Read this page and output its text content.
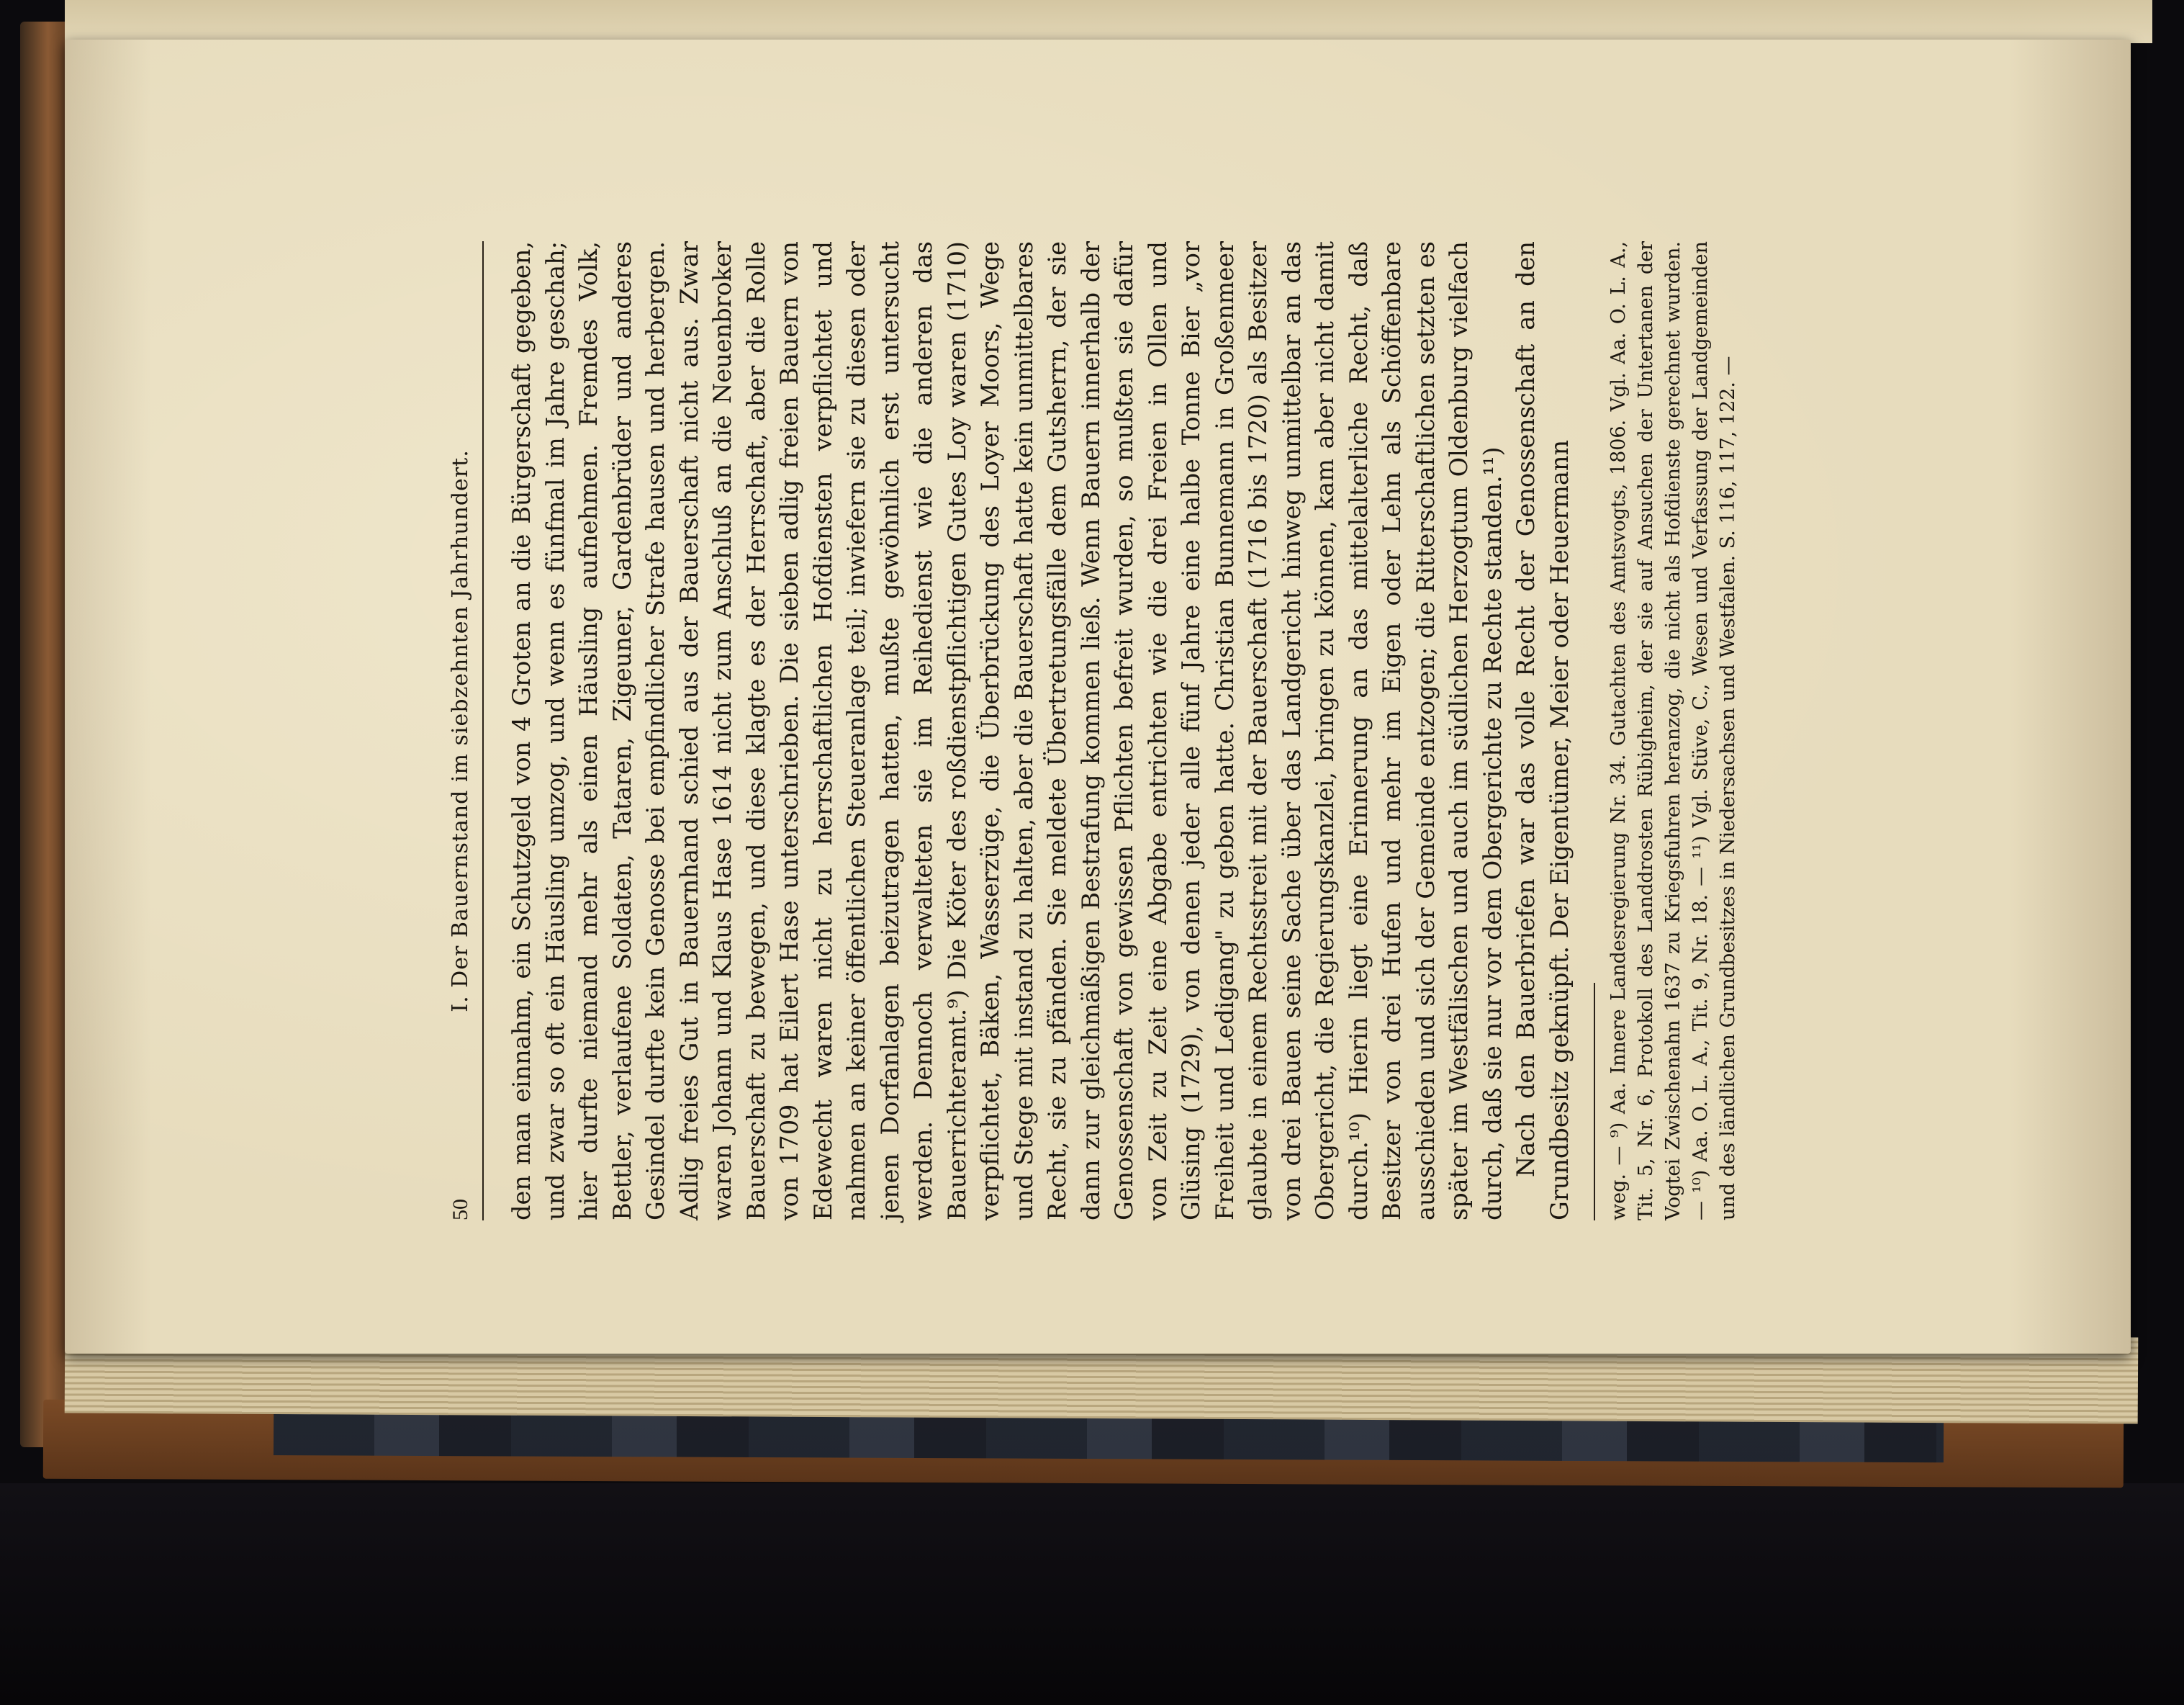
50
I. Der Bauernstand im siebzehnten Jahrhundert.	den man einnahm, ein Schutzgeld von 4 Groten an die Bürgerschaft gegeben, und zwar so oft ein Häusling umzog, und wenn es fünfmal im Jahre geschah; hier durfte niemand mehr als einen Häusling aufnehmen. Fremdes Volk, Bettler, verlaufene Soldaten, Tataren, Zigeuner, Gardenbrüder und anderes Gesindel durfte kein Genosse bei empfindlicher Strafe hausen und herbergen. Adlig freies Gut in Bauernhand schied aus der Bauerschaft nicht aus. Zwar waren Johann und Klaus Hase 1614 nicht zum Anschluß an die Neuenbroker Bauerschaft zu bewegen, und diese klagte es der Herrschaft, aber die Rolle von 1709 hat Eilert Hase unterschrieben. Die sieben adlig freien Bauern von Edewecht waren nicht zu herrschaftlichen Hofdiensten verpflichtet und nahmen an keiner öffentlichen Steueranlage teil; inwiefern sie zu diesen oder jenen Dorfanlagen beizutragen hatten, mußte gewöhnlich erst untersucht werden. Dennoch verwalteten sie im Reihedienst wie die anderen das Bauerrichteramt.⁹) Die Köter des roßdienstpflichtigen Gutes Loy waren (1710) verpflichtet, Bäken, Wasserzüge, die Überbrückung des Loyer Moors, Wege und Stege mit instand zu halten, aber die Bauerschaft hatte kein unmittelbares Recht, sie zu pfänden. Sie meldete Übertretungsfälle dem Gutsherrn, der sie dann zur gleichmäßigen Bestrafung kommen ließ. Wenn Bauern innerhalb der Genossenschaft von gewissen Pflichten befreit wurden, so mußten sie dafür von Zeit zu Zeit eine Abgabe entrichten wie die drei Freien in Ollen und Glüsing (1729), von denen jeder alle fünf Jahre eine halbe Tonne Bier „vor Freiheit und Ledigang" zu geben hatte. Christian Bunnemann in Großenmeer glaubte in einem Rechtsstreit mit der Bauerschaft (1716 bis 1720) als Besitzer von drei Bauen seine Sache über das Landgericht hinweg unmittelbar an das Obergericht, die Regierungskanzlei, bringen zu können, kam aber nicht damit durch.¹⁰) Hierin liegt eine Erinnerung an das mittelalterliche Recht, daß Besitzer von drei Hufen und mehr im Eigen oder Lehn als Schöffenbare ausschieden und sich der Gemeinde entzogen; die Ritterschaftlichen setzten es später im Westfälischen und auch im südlichen Herzogtum Oldenburg vielfach durch, daß sie nur vor dem Obergerichte zu Rechte standen.¹¹) Nach den Bauerbriefen war das volle Recht der Genossenschaft an den Grundbesitz geknüpft. Der Eigentümer, Meier oder Heuermann weg. — ⁹) Aa. Innere Landesregierung Nr. 34. Gutachten des Amtsvogts, 1806. Vgl. Aa. O. L. A., Tit. 5, Nr. 6, Protokoll des Landdrosten Rübigheim, der sie auf Ansuchen der Untertanen der Vogtei Zwischenahn 1637 zu Kriegsfuhren heranzog, die nicht als Hofdienste gerechnet wurden. — ¹⁰) Aa. O. L. A., Tit. 9, Nr. 18. — ¹¹) Vgl. Stüve, C., Wesen und Verfassung der Landgemeinden und des ländlichen Grundbesitzes in Niedersachsen und Westfalen. S. 116, 117, 122. —
